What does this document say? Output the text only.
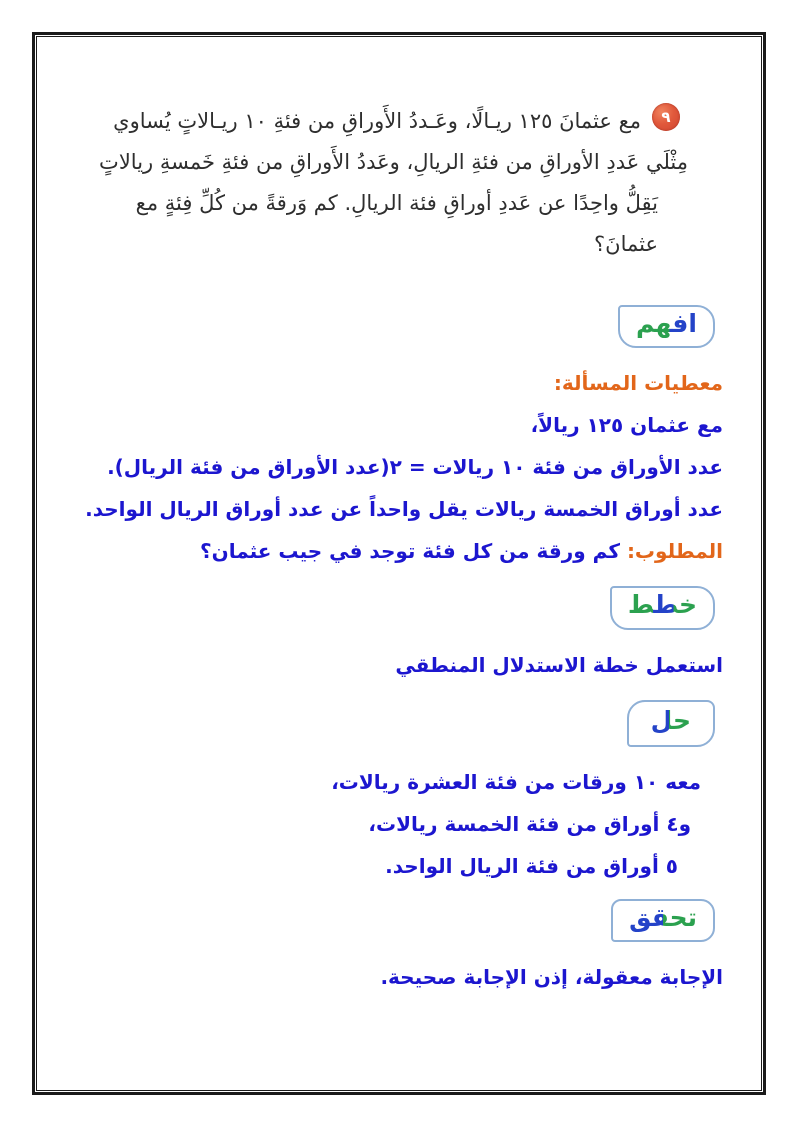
٩
مع عثمانَ ١٢٥ ريـالًا، وعَـددُ الأَوراقِ من فئةِ ١٠ ريـالاتٍ يُساوي
مِثْلَي عَددِ الأوراقِ من فئةِ الريالِ، وعَددُ الأَوراقِ من فئةِ خَمسةِ ريالاتٍ
يَقِلُّ واحِدًا عن عَددِ أوراقِ فئة الريالِ. كم وَرقةً من كُلِّ فِئةٍ مع عثمانَ؟
افهم
معطيات المسألة:
مع عثمان ١٢٥ ريالاً،
عدد الأوراق من فئة ١٠ ريالات = ٢(عدد الأوراق من فئة الريال).
عدد أوراق الخمسة ريالات يقل واحداً عن عدد أوراق الريال الواحد.
المطلوب: كم ورقة من كل فئة توجد في جيب عثمان؟
خطط
استعمل خطة الاستدلال المنطقي
حل
معه ١٠ ورقات من فئة العشرة ريالات،
و٤ أوراق من فئة الخمسة ريالات،
٥ أوراق من فئة الريال الواحد.
تحقق
الإجابة معقولة، إذن الإجابة صحيحة.
